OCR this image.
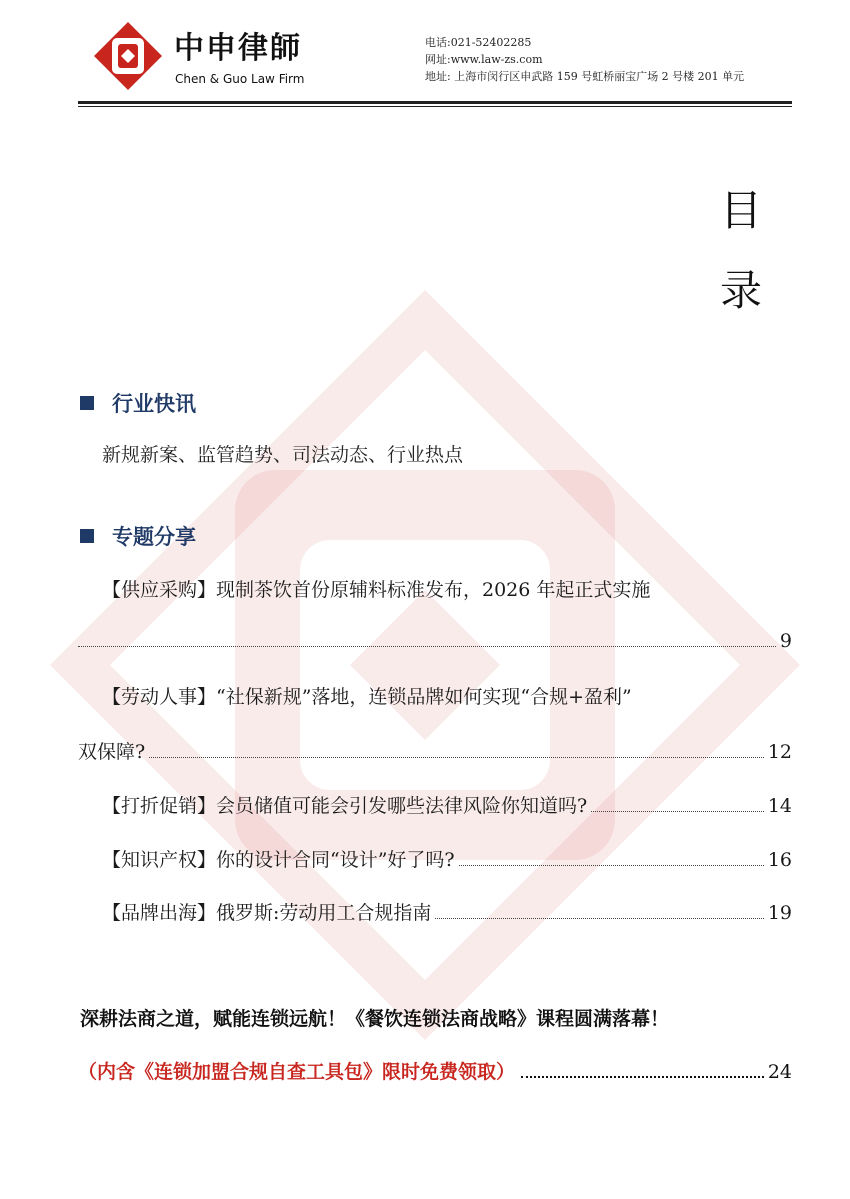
中申律師
Chen & Guo Law Firm
电话:021-52402285
网址:www.law-zs.com
地址: 上海市闵行区申武路 159 号虹桥丽宝广场 2 号楼 201 单元
目
录
行业快讯
新规新案、监管趋势、司法动态、行业热点
专题分享
【供应采购】现制茶饮首份原辅料标准发布，2026 年起正式实施
9
【劳动人事】“社保新规”落地，连锁品牌如何实现“合规+盈利”
双保障?	12
【打折促销】会员储值可能会引发哪些法律风险你知道吗?	14
【知识产权】你的设计合同“设计”好了吗?	16
【品牌出海】俄罗斯:劳动用工合规指南	19
深耕法商之道，赋能连锁远航！《餐饮连锁法商战略》课程圆满落幕！
（内含《连锁加盟合规自查工具包》限时免费领取）	24
